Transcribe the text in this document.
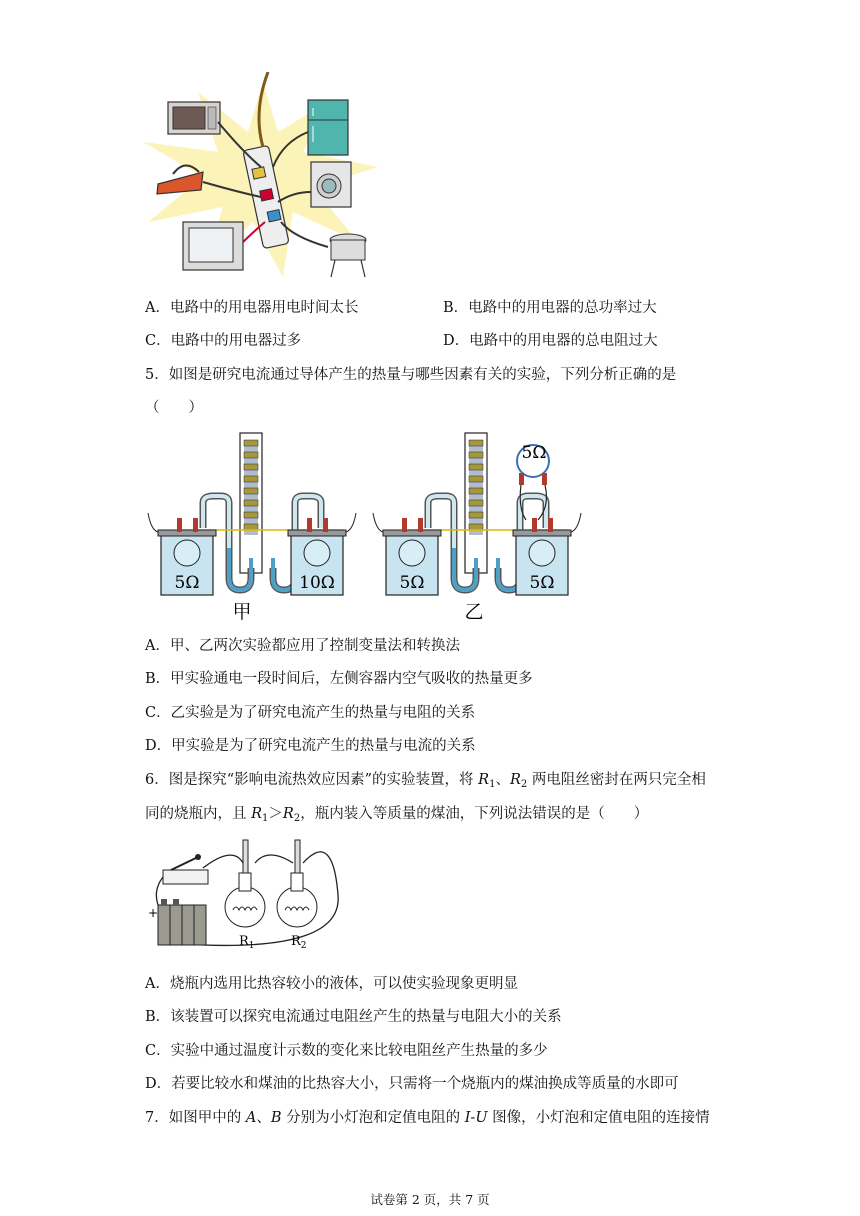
A．电路中的用电器用电时间太长	B．电路中的用电器的总功率过大
C．电路中的用电器过多	D．电路中的用电器的总电阻过大
5．如图是研究电流通过导体产生的热量与哪些因素有关的实验，下列分析正确的是
（　　）
5Ω	10Ω
甲
5Ω	5Ω
5Ω
乙
A．甲、乙两次实验都应用了控制变量法和转换法
B．甲实验通电一段时间后，左侧容器内空气吸收的热量更多
C．乙实验是为了研究电流产生的热量与电阻的关系
D．甲实验是为了研究电流产生的热量与电流的关系
6．图是探究“影响电流热效应因素”的实验装置，将 $R_1$、$R_2$ 两电阻丝密封在两只完全相
同的烧瓶内，且 $R_1>R_2$，瓶内装入等质量的煤油，下列说法错误的是（　　）
+
$R_1$	$R_2$
A．烧瓶内选用比热容较小的液体，可以使实验现象更明显
B．该装置可以探究电流通过电阻丝产生的热量与电阻大小的关系
C．实验中通过温度计示数的变化来比较电阻丝产生热量的多少
D．若要比较水和煤油的比热容大小，只需将一个烧瓶内的煤油换成等质量的水即可
7．如图甲中的 A、B 分别为小灯泡和定值电阻的 I-U 图像，小灯泡和定值电阻的连接情
试卷第 2 页，共 7 页
